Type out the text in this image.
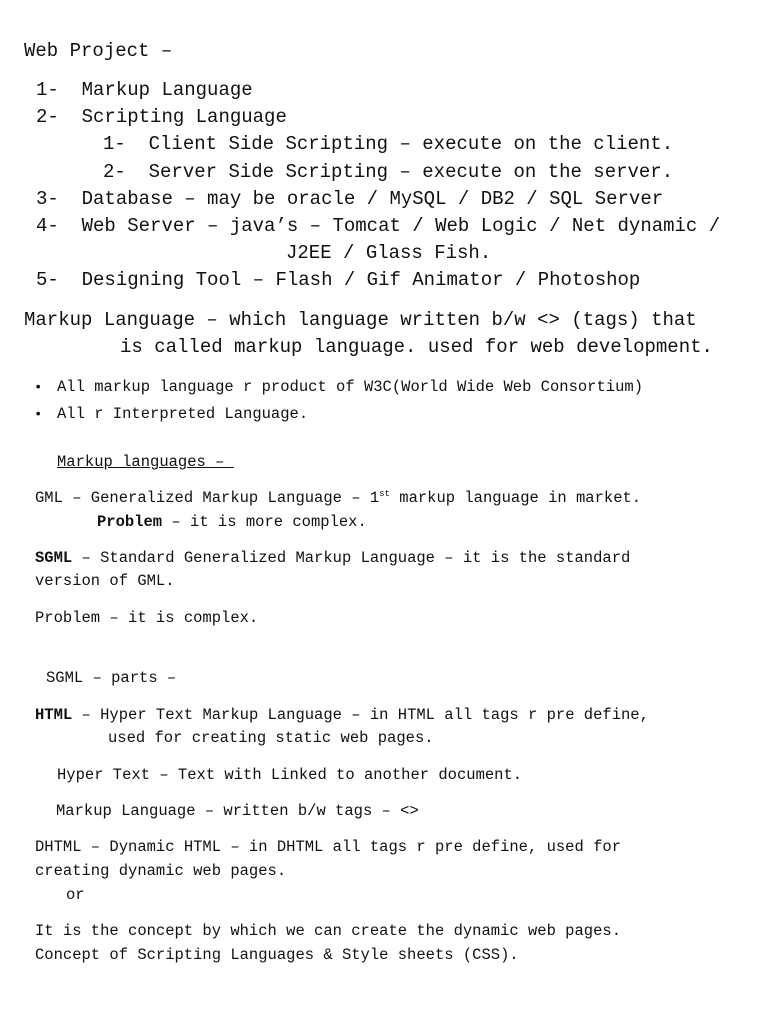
Web Project –
1- Markup Language
2- Scripting Language
1- Client Side Scripting – execute on the client.
2- Server Side Scripting – execute on the server.
3- Database – may be oracle / MySQL / DB2 / SQL Server
4- Web Server – java’s – Tomcat / Web Logic / Net dynamic /
J2EE / Glass Fish.
5- Designing Tool – Flash / Gif Animator / Photoshop
Markup Language – which language written b/w <> (tags) that
is called markup language. used for web development.
• All markup language r product of W3C(World Wide Web Consortium)
• All r Interpreted Language.
Markup languages –
GML – Generalized Markup Language – 1st markup language in market.
Problem – it is more complex.
SGML – Standard Generalized Markup Language – it is the standard
version of GML.
Problem – it is complex.
SGML – parts –
HTML – Hyper Text Markup Language – in HTML all tags r pre define,
used for creating static web pages.
Hyper Text – Text with Linked to another document.
Markup Language – written b/w tags – <>
DHTML – Dynamic HTML – in DHTML all tags r pre define, used for
creating dynamic web pages.
or
It is the concept by which we can create the dynamic web pages.
Concept of Scripting Languages & Style sheets (CSS).
